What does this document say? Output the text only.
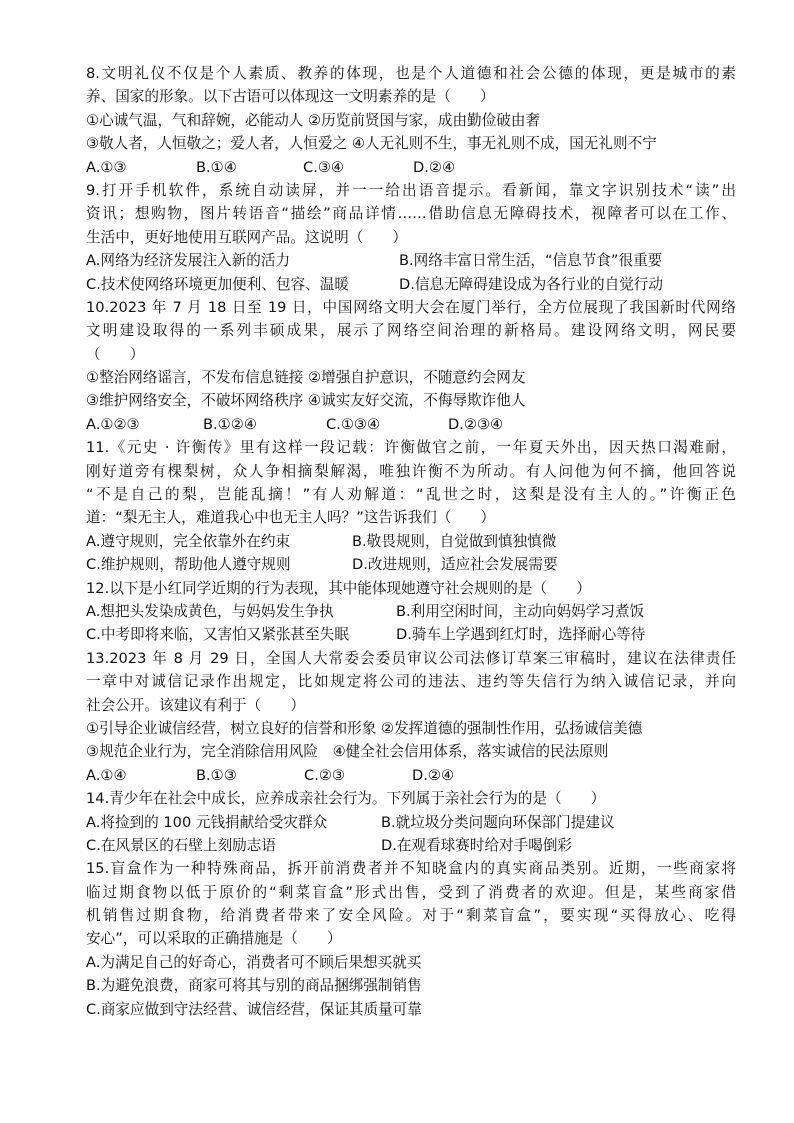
8.文明礼仪不仅是个人素质、教养的体现，也是个人道德和社会公德的体现，更是城市的素
养、国家的形象。以下古语可以体现这一文明素养的是（　　）
①心诚气温，气和辞婉，必能动人 ②历览前贤国与家，成由勤俭破由奢
③敬人者，人恒敬之；爱人者，人恒爱之 ④人无礼则不生，事无礼则不成，国无礼则不宁
A.①③	B.①④	C.③④	D.②④
9.打开手机软件，系统自动读屏，并一一给出语音提示。看新闻，靠文字识别技术“读”出
资讯；想购物，图片转语音“描绘”商品详情……借助信息无障碍技术，视障者可以在工作、
生活中，更好地使用互联网产品。这说明（　　）
A.网络为经济发展注入新的活力	B.网络丰富日常生活，“信息节食”很重要
C.技术使网络环境更加便利、包容、温暖	D.信息无障碍建设成为各行业的自觉行动
10.2023 年 7 月 18 日至 19 日，中国网络文明大会在厦门举行，全方位展现了我国新时代网络
文明建设取得的一系列丰硕成果，展示了网络空间治理的新格局。建设网络文明，网民要
（　　）
①整治网络谣言，不发布信息链接 ②增强自护意识，不随意约会网友
③维护网络安全，不破坏网络秩序 ④诚实友好交流，不侮辱欺诈他人
A.①②③	B.①②④	C.①③④	D.②③④
11.《元史 · 许衡传》里有这样一段记载：许衡做官之前，一年夏天外出，因天热口渴难耐，
刚好道旁有棵梨树，众人争相摘梨解渴，唯独许衡不为所动。有人问他为何不摘，他回答说
“不是自己的梨，岂能乱摘！”有人劝解道：“乱世之时，这梨是没有主人的。”许衡正色
道：“梨无主人，难道我心中也无主人吗？”这告诉我们（　　）
A.遵守规则，完全依靠外在约束	B.敬畏规则，自觉做到慎独慎微
C.维护规则，帮助他人遵守规则	D.改进规则，适应社会发展需要
12.以下是小红同学近期的行为表现，其中能体现她遵守社会规则的是（　　）
A.想把头发染成黄色，与妈妈发生争执	B.利用空闲时间，主动向妈妈学习煮饭
C.中考即将来临，又害怕又紧张甚至失眠	D.骑车上学遇到红灯时，选择耐心等待
13.2023 年 8 月 29 日，全国人大常委会委员审议公司法修订草案三审稿时，建议在法律责任
一章中对诚信记录作出规定，比如规定将公司的违法、违约等失信行为纳入诚信记录，并向
社会公开。该建议有利于（　　）
①引导企业诚信经营，树立良好的信誉和形象 ②发挥道德的强制性作用，弘扬诚信美德
③规范企业行为，完全消除信用风险　④健全社会信用体系，落实诚信的民法原则
A.①④	B.①③	C.②③	D.②④
14.青少年在社会中成长，应养成亲社会行为。下列属于亲社会行为的是（　　）
A.将捡到的 100 元钱捐献给受灾群众	B.就垃圾分类问题向环保部门提建议
C.在风景区的石壁上刻励志语	D.在观看球赛时给对手喝倒彩
15.盲盒作为一种特殊商品，拆开前消费者并不知晓盒内的真实商品类别。近期，一些商家将
临过期食物以低于原价的“剩菜盲盒”形式出售，受到了消费者的欢迎。但是，某些商家借
机销售过期食物，给消费者带来了安全风险。对于“剩菜盲盒”，要实现“买得放心、吃得
安心”，可以采取的正确措施是（　　）
A.为满足自己的好奇心，消费者可不顾后果想买就买
B.为避免浪费，商家可将其与别的商品捆绑强制销售
C.商家应做到守法经营、诚信经营，保证其质量可靠
